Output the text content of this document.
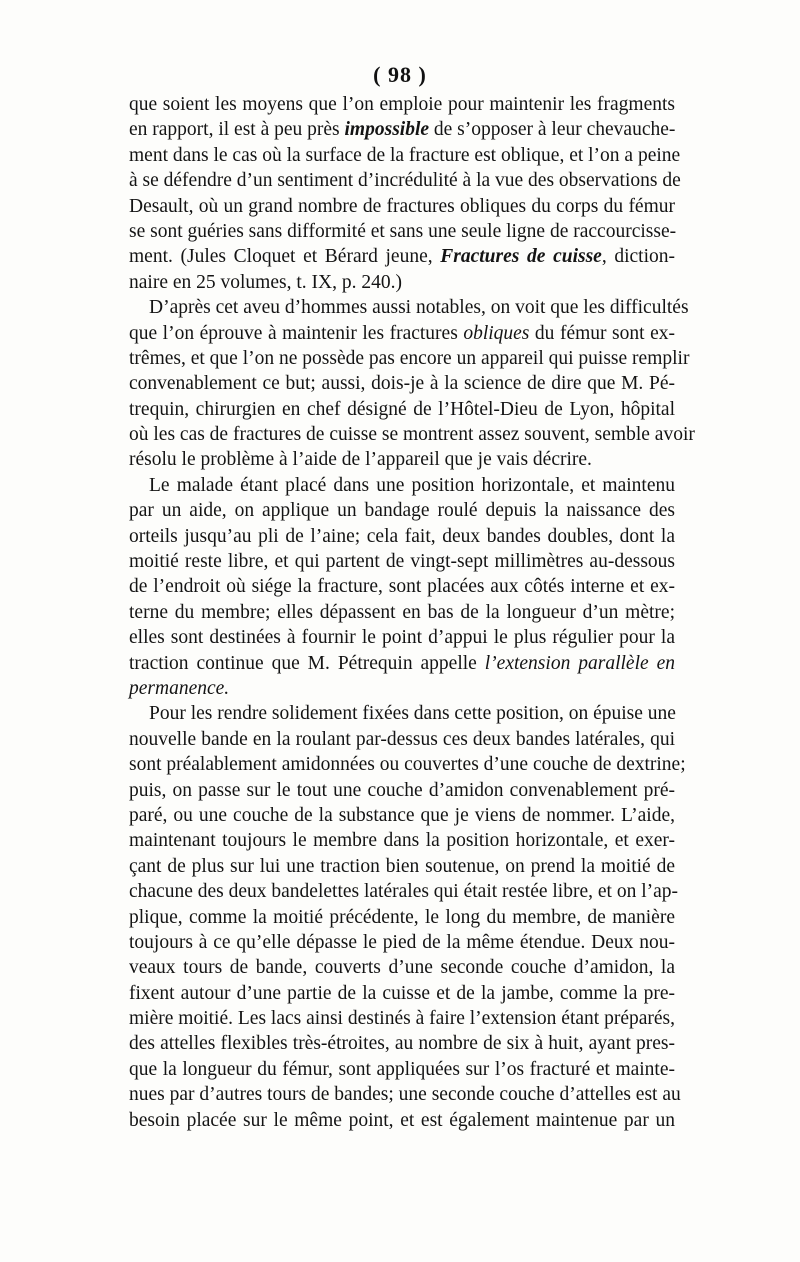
( 98 )
que soient les moyens que l’on emploie pour maintenir les fragments
en rapport, il est à peu près impossible de s’opposer à leur chevauche-
ment dans le cas où la surface de la fracture est oblique, et l’on a peine
à se défendre d’un sentiment d’incrédulité à la vue des observations de
Desault, où un grand nombre de fractures obliques du corps du fémur
se sont guéries sans difformité et sans une seule ligne de raccourcisse-
ment. (Jules Cloquet et Bérard jeune, Fractures de cuisse, diction-
naire en 25 volumes, t. IX, p. 240.)
D’après cet aveu d’hommes aussi notables, on voit que les difficultés
que l’on éprouve à maintenir les fractures obliques du fémur sont ex-
trêmes, et que l’on ne possède pas encore un appareil qui puisse remplir
convenablement ce but; aussi, dois-je à la science de dire que M. Pé-
trequin, chirurgien en chef désigné de l’Hôtel-Dieu de Lyon, hôpital
où les cas de fractures de cuisse se montrent assez souvent, semble avoir
résolu le problème à l’aide de l’appareil que je vais décrire.
Le malade étant placé dans une position horizontale, et maintenu
par un aide, on applique un bandage roulé depuis la naissance des
orteils jusqu’au pli de l’aine; cela fait, deux bandes doubles, dont la
moitié reste libre, et qui partent de vingt-sept millimètres au-dessous
de l’endroit où siége la fracture, sont placées aux côtés interne et ex-
terne du membre; elles dépassent en bas de la longueur d’un mètre;
elles sont destinées à fournir le point d’appui le plus régulier pour la
traction continue que M. Pétrequin appelle l’extension parallèle en
permanence.
Pour les rendre solidement fixées dans cette position, on épuise une
nouvelle bande en la roulant par-dessus ces deux bandes latérales, qui
sont préalablement amidonnées ou couvertes d’une couche de dextrine;
puis, on passe sur le tout une couche d’amidon convenablement pré-
paré, ou une couche de la substance que je viens de nommer. L’aide,
maintenant toujours le membre dans la position horizontale, et exer-
çant de plus sur lui une traction bien soutenue, on prend la moitié de
chacune des deux bandelettes latérales qui était restée libre, et on l’ap-
plique, comme la moitié précédente, le long du membre, de manière
toujours à ce qu’elle dépasse le pied de la même étendue. Deux nou-
veaux tours de bande, couverts d’une seconde couche d’amidon, la
fixent autour d’une partie de la cuisse et de la jambe, comme la pre-
mière moitié. Les lacs ainsi destinés à faire l’extension étant préparés,
des attelles flexibles très-étroites, au nombre de six à huit, ayant pres-
que la longueur du fémur, sont appliquées sur l’os fracturé et mainte-
nues par d’autres tours de bandes; une seconde couche d’attelles est au
besoin placée sur le même point, et est également maintenue par un
